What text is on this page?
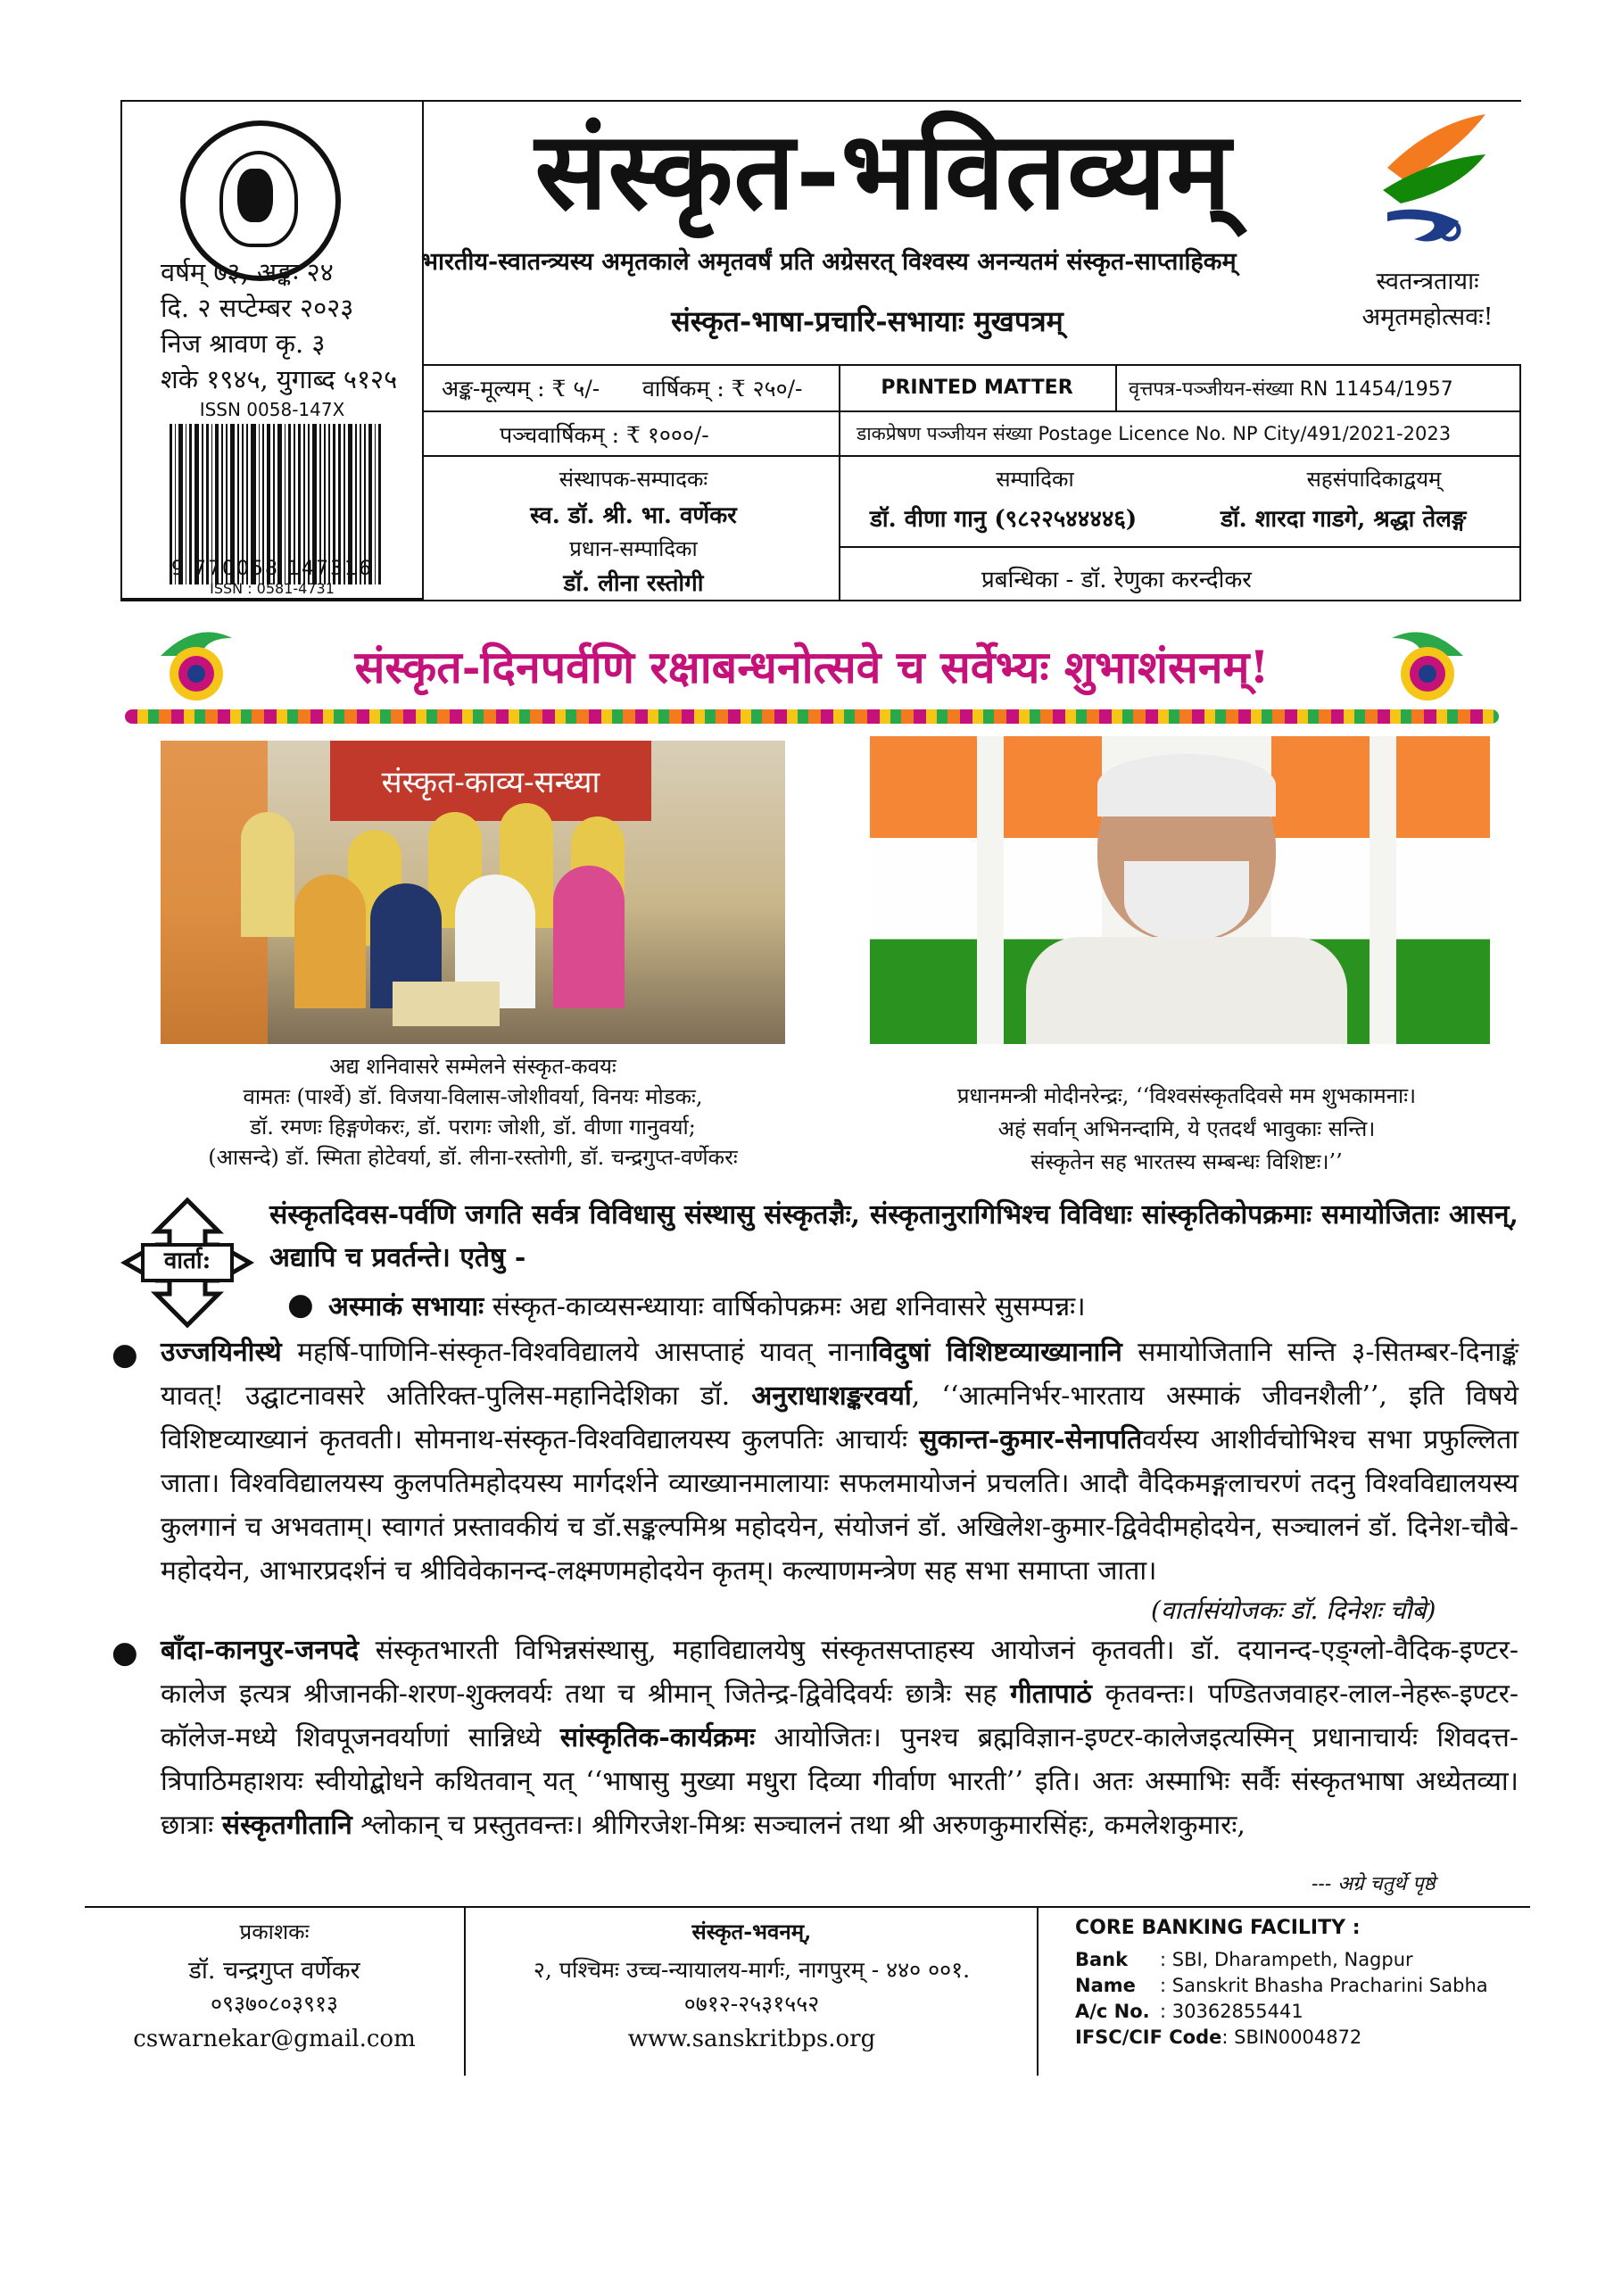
संस्कृत-भवितव्यम्
स्वतन्त्रतायाः
अमृतमहोत्सवः!
भारतीय-स्वातन्त्र्यस्य अमृतकाले अमृतवर्षं प्रति अग्रेसरत् विश्वस्य अनन्यतमं संस्कृत-साप्ताहिकम्
संस्कृत-भाषा-प्रचारि-सभायाः मुखपत्रम्
वर्षम् ७३, अङ्कः २४
दि. २ सप्टेम्बर २०२३
निज श्रावण कृ. ३
शके १९४५, युगाब्द ५१२५
ISSN 0058-147X
9 770058 147316
ISSN : 0581-4731
अङ्क-मूल्यम् : ₹ ५/- वार्षिकम् : ₹ २५०/-
पञ्चवार्षिकम् : ₹ १०००/-
PRINTED MATTER	वृत्तपत्र-पञ्जीयन-संख्या RN 11454/1957
डाकप्रेषण पञ्जीयन संख्या Postage Licence No. NP City/491/2021-2023
संस्थापक-सम्पादकः
स्व. डॉ. श्री. भा. वर्णेकर
प्रधान-सम्पादिका
डॉ. लीना रस्तोगी
सम्पादिका
डॉ. वीणा गानु (९८२२५४४४४६)
सहसंपादिकाद्वयम्
डॉ. शारदा गाडगे, श्रद्धा तेलङ्ग
प्रबन्धिका - डॉ. रेणुका करन्दीकर
संस्कृत-दिनपर्वणि रक्षाबन्धनोत्सवे च सर्वेभ्यः शुभाशंसनम्!
संस्कृत-काव्य-सन्ध्या
अद्य शनिवासरे सम्मेलने संस्कृत-कवयः
वामतः (पार्श्वे) डॉ. विजया-विलास-जोशीवर्या, विनयः मोडकः,
डॉ. रमणः हिङ्गणेकरः, डॉ. परागः जोशी, डॉ. वीणा गानुवर्या;
(आसन्दे) डॉ. स्मिता होटेवर्या, डॉ. लीना-रस्तोगी, डॉ. चन्द्रगुप्त-वर्णेकरः
प्रधानमन्त्री मोदीनरेन्द्रः, ‘‘विश्वसंस्कृतदिवसे मम शुभकामनाः।
अहं सर्वान् अभिनन्दामि, ये एतदर्थं भावुकाः सन्ति।
संस्कृतेन सह भारतस्य सम्बन्धः विशिष्टः।’’
वार्ता:
संस्कृतदिवस-पर्वणि जगति सर्वत्र विविधासु संस्थासु संस्कृतज्ञैः, संस्कृतानुरागिभिश्च विविधाः सांस्कृतिकोपक्रमाः समायोजिताः आसन्, अद्यापि च प्रवर्तन्ते। एतेषु -
● अस्माकं सभायाः संस्कृत-काव्यसन्ध्यायाः वार्षिकोपक्रमः अद्य शनिवासरे सुसम्पन्नः।
● उज्जयिनीस्थे महर्षि-पाणिनि-संस्कृत-विश्वविद्यालये आसप्ताहं यावत् नानाविदुषां विशिष्टव्याख्यानानि समायोजितानि सन्ति ३-सितम्बर-दिनाङ्कं यावत्! उद्घाटनावसरे अतिरिक्त-पुलिस-महानिदेशिका डॉ. अनुराधाशङ्करवर्या, ‘‘आत्मनिर्भर-भारताय अस्माकं जीवनशैली’’, इति विषये विशिष्टव्याख्यानं कृतवती। सोमनाथ-संस्कृत-विश्वविद्यालयस्य कुलपतिः आचार्यः सुकान्त-कुमार-सेनापतिवर्यस्य आशीर्वचोभिश्च सभा प्रफुल्लिता जाता। विश्वविद्यालयस्य कुलपतिमहोदयस्य मार्गदर्शने व्याख्यानमालायाः सफलमायोजनं प्रचलति। आदौ वैदिकमङ्गलाचरणं तदनु विश्वविद्यालयस्य कुलगानं च अभवताम्। स्वागतं प्रस्तावकीयं च डॉ.सङ्कल्पमिश्र महोदयेन, संयोजनं डॉ. अखिलेश-कुमार-द्विवेदीमहोदयेन, सञ्चालनं डॉ. दिनेश-चौबे-महोदयेन, आभारप्रदर्शनं च श्रीविवेकानन्द-लक्ष्मणमहोदयेन कृतम्। कल्याणमन्त्रेण सह सभा समाप्ता जाता।
(वार्तासंयोजकः डॉ. दिनेशः चौबे)
● बाँदा-कानपुर-जनपदे संस्कृतभारती विभिन्नसंस्थासु, महाविद्यालयेषु संस्कृतसप्ताहस्य आयोजनं कृतवती। डॉ. दयानन्द-एङ्ग्लो-वैदिक-इण्टर-कालेज इत्यत्र श्रीजानकी-शरण-शुक्लवर्यः तथा च श्रीमान् जितेन्द्र-द्विवेदिवर्यः छात्रैः सह गीतापाठं कृतवन्तः। पण्डितजवाहर-लाल-नेहरू-इण्टर-कॉलेज-मध्ये शिवपूजनवर्याणां सान्निध्ये सांस्कृतिक-कार्यक्रमः आयोजितः। पुनश्च ब्रह्मविज्ञान-इण्टर-कालेजइत्यस्मिन् प्रधानाचार्यः शिवदत्त-त्रिपाठिमहाशयः स्वीयोद्बोधने कथितवान् यत् ‘‘भाषासु मुख्या मधुरा दिव्या गीर्वाण भारती’’ इति। अतः अस्माभिः सर्वैः संस्कृतभाषा अध्येतव्या। छात्राः संस्कृतगीतानि श्लोकान् च प्रस्तुतवन्तः। श्रीगिरजेश-मिश्रः सञ्चालनं तथा श्री अरुणकुमारसिंहः, कमलेशकुमारः,
--- अग्रे चतुर्थे पृष्ठे
प्रकाशकः
डॉ. चन्द्रगुप्त वर्णेकर
०९३७०८०३९१३
cswarnekar@gmail.com
संस्कृत-भवनम्,
२, पश्चिमः उच्च-न्यायालय-मार्गः, नागपुरम् - ४४० ००१.
०७१२-२५३१५५२
www.sanskritbps.org
CORE BANKING FACILITY :
Bank : SBI, Dharampeth, Nagpur
Name : Sanskrit Bhasha Pracharini Sabha
A/c No. : 30362855441
IFSC/CIF Code: SBIN0004872
